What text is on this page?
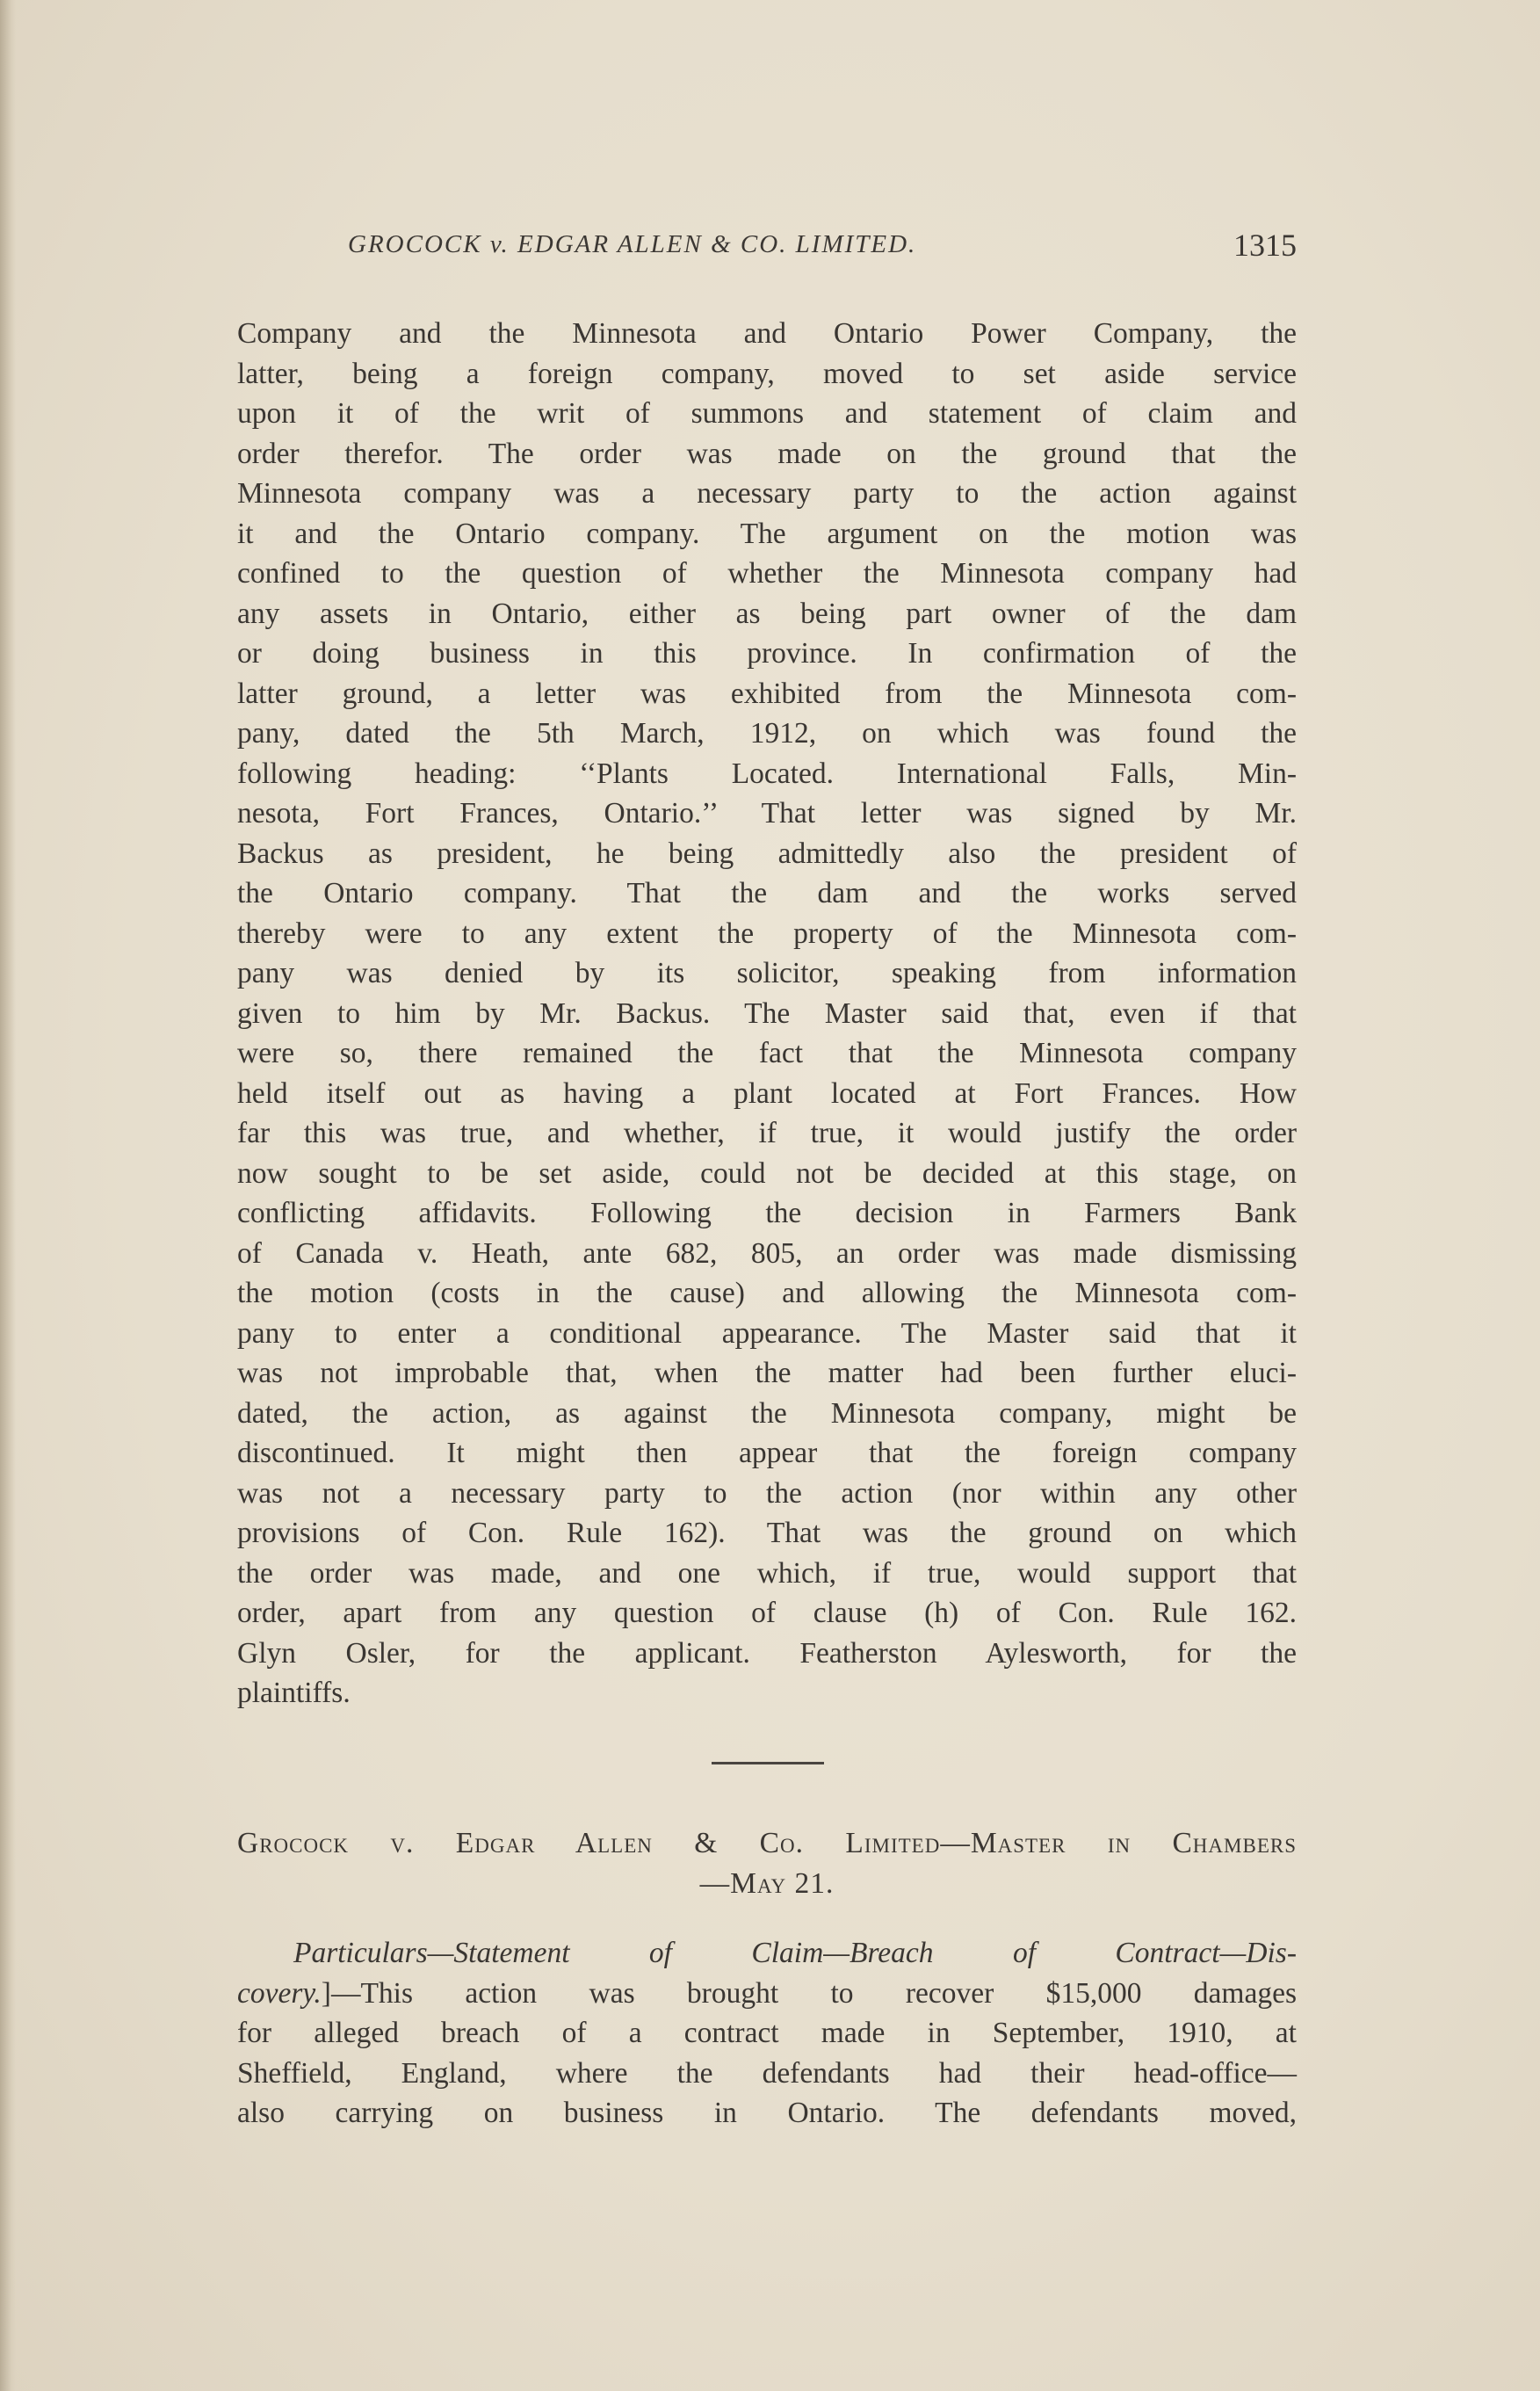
GROCOCK v. EDGAR ALLEN & CO. LIMITED.	1315
Company and the Minnesota and Ontario Power Company, the
latter, being a foreign company, moved to set aside service
upon it of the writ of summons and statement of claim and
order therefor. The order was made on the ground that the
Minnesota company was a necessary party to the action against
it and the Ontario company. The argument on the motion was
confined to the question of whether the Minnesota company had
any assets in Ontario, either as being part owner of the dam
or doing business in this province. In confirmation of the
latter ground, a letter was exhibited from the Minnesota com-
pany, dated the 5th March, 1912, on which was found the
following heading: ‘‘Plants Located. International Falls, Min-
nesota, Fort Frances, Ontario.’’ That letter was signed by Mr.
Backus as president, he being admittedly also the president of
the Ontario company. That the dam and the works served
thereby were to any extent the property of the Minnesota com-
pany was denied by its solicitor, speaking from information
given to him by Mr. Backus. The Master said that, even if that
were so, there remained the fact that the Minnesota company
held itself out as having a plant located at Fort Frances. How
far this was true, and whether, if true, it would justify the order
now sought to be set aside, could not be decided at this stage, on
conflicting affidavits. Following the decision in Farmers Bank
of Canada v. Heath, ante 682, 805, an order was made dismissing
the motion (costs in the cause) and allowing the Minnesota com-
pany to enter a conditional appearance. The Master said that it
was not improbable that, when the matter had been further eluci-
dated, the action, as against the Minnesota company, might be
discontinued. It might then appear that the foreign company
was not a necessary party to the action (nor within any other
provisions of Con. Rule 162). That was the ground on which
the order was made, and one which, if true, would support that
order, apart from any question of clause (h) of Con. Rule 162.
Glyn Osler, for the applicant. Featherston Aylesworth, for the
plaintiffs.
Grocock v. Edgar Allen & Co. Limited—Master in Chambers
—May 21.
Particulars—Statement of Claim—Breach of Contract—Dis-
covery.]—This action was brought to recover $15,000 damages
for alleged breach of a contract made in September, 1910, at
Sheffield, England, where the defendants had their head-office—
also carrying on business in Ontario. The defendants moved,
